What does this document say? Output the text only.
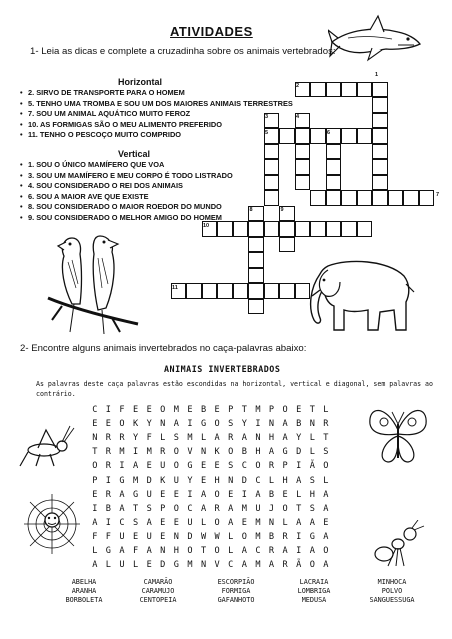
ATIVIDADES
1- Leia as dicas e complete a cruzadinha sobre os animais vertebrados:
Horizontal
• 2. SIRVO DE TRANSPORTE PARA O HOMEM
• 5. TENHO UMA TROMBA E SOU UM DOS MAIORES ANIMAIS TERRESTRES
• 7. SOU UM ANIMAL AQUÁTICO MUITO FEROZ
• 10. AS FORMIGAS SÃO O MEU ALIMENTO PREFERIDO
• 11. TENHO O PESCOÇO MUITO COMPRIDO
Vertical
• 1. SOU O ÚNICO MAMÍFERO QUE VOA
• 3. SOU UM MAMÍFERO E MEU CORPO É TODO LISTRADO
• 4. SOU CONSIDERADO O REI DOS ANIMAIS
• 6. SOU A MAIOR AVE QUE EXISTE
• 8. SOU CONSIDERADO O MAIOR ROEDOR DO MUNDO
• 9. SOU CONSIDERADO O MELHOR AMIGO DO HOMEM
1
2
3	4
5	6
7
8	9
10
11
2- Encontre alguns animais invertebrados no caça-palavras abaixo:
ANIMAIS INVERTEBRADOS
As palavras deste caça palavras estão escondidas na horizontal, vertical e diagonal, sem palavras ao
contrário.
C I F E E O M E B E P T M P O E T L
E E O K Y N A I G O S Y I N A B N R
N R R Y F L S M L A R A N H A Y L T
T R M I M R O V N K O B H A G D L S
O R I A E U O G E E S C O R P I Ã O
P I G M D K U Y E H N D C L H A S L
E R A G U E E I A O E I A B E L H A
I B A T S P O C A R A M U J O T S A
A I C S A E E U L O A E M N L A A E
F F U E U E N D W W L O M B R I G A
L G A F A N H O T O L A C R A I A O
A L U L E D G M N V C A M A R Ã O A
ABELHA
ARANHA
BORBOLETA
CAMARÃO
CARAMUJO
CENTOPEIA
ESCORPIÃO
FORMIGA
GAFANHOTO
LACRAIA
LOMBRIGA
MEDUSA
MINHOCA
POLVO
SANGUESSUGA
